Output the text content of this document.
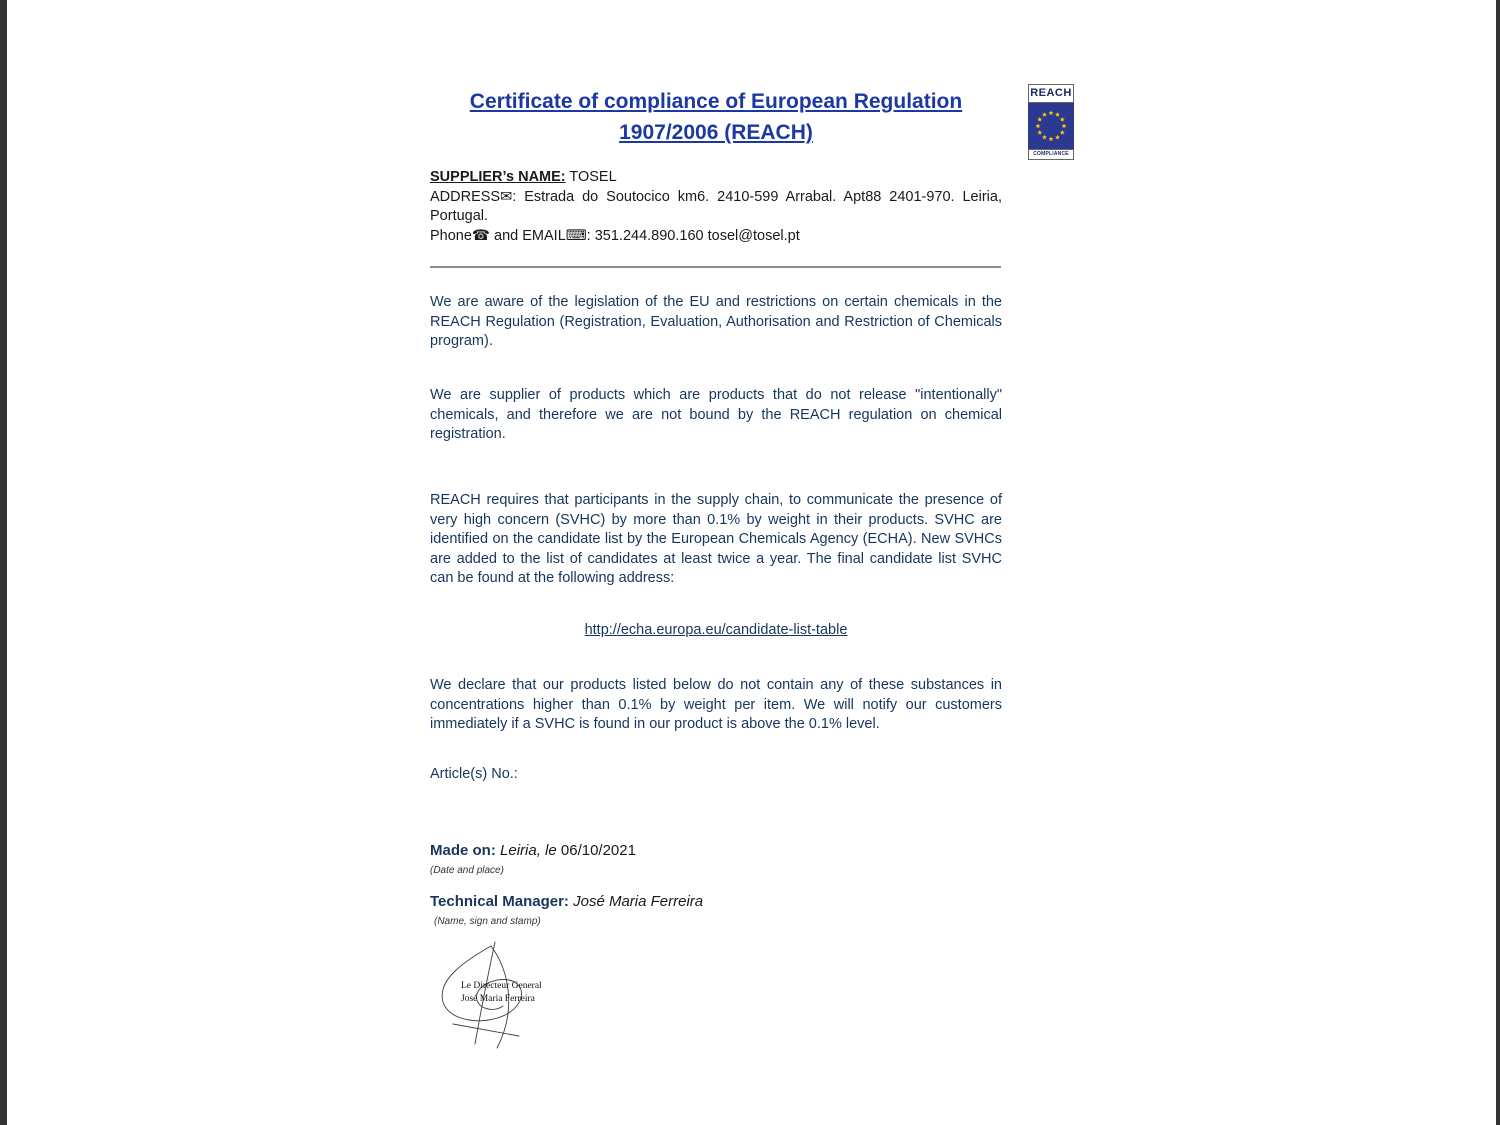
Certificate of compliance of European Regulation
1907/2006 (REACH)
REACH
COMPLIANCE
SUPPLIER’s NAME: TOSEL
ADDRESS✉: Estrada do Soutocico km6. 2410-599 Arrabal. Apt88 2401-970. Leiria, Portugal.
Phone☎ and EMAIL⌨: 351.244.890.160 tosel@tosel.pt
We are aware of the legislation of the EU and restrictions on certain chemicals in the REACH Regulation (Registration, Evaluation, Authorisation and Restriction of Chemicals program).
We are supplier of products which are products that do not release "intentionally" chemicals, and therefore we are not bound by the REACH regulation on chemical registration.
REACH requires that participants in the supply chain, to communicate the presence of very high concern (SVHC) by more than 0.1% by weight in their products. SVHC are identified on the candidate list by the European Chemicals Agency (ECHA). New SVHCs are added to the list of candidates at least twice a year. The final candidate list SVHC can be found at the following address:
http://echa.europa.eu/candidate-list-table
We declare that our products listed below do not contain any of these substances in concentrations higher than 0.1% by weight per item. We will notify our customers immediately if a SVHC is found in our product is above the 0.1% level.
Article(s) No.:
Made on: Leiria, le 06/10/2021
(Date and place)
Technical Manager: José Maria Ferreira
(Name, sign and stamp)
Le Directeur General
José Maria Ferreira
